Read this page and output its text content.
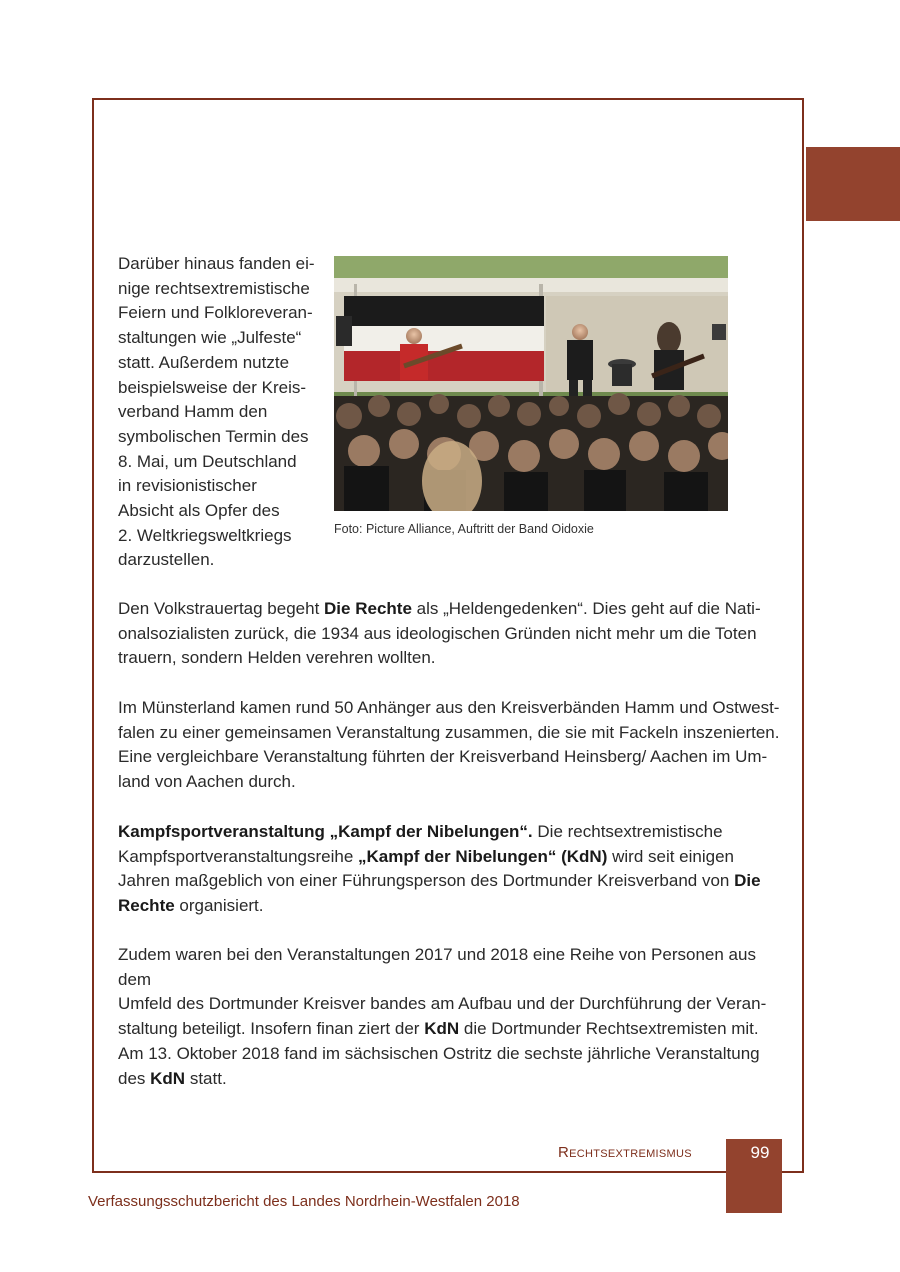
Darüber hinaus fanden ei-
nige rechtsextremistische
Feiern und Folkloreveran-
staltungen wie „Julfeste“
statt. Außerdem nutzte
beispielsweise der Kreis-
verband Hamm den
symbolischen Termin des
8. Mai, um Deutschland
in revisionistischer
Absicht als Opfer des
2. Weltkriegsweltkriegs
darzustellen.
Foto: Picture Alliance, Auftritt der Band Oidoxie

Den Volkstrauertag begeht Die Rechte als „Heldengedenken“. Dies geht auf die Nati-
onalsozialisten zurück, die 1934 aus ideologischen Gründen nicht mehr um die Toten
trauern, sondern Helden verehren wollten.

Im Münsterland kamen rund 50 Anhänger aus den Kreisverbänden Hamm und Ostwest-
falen zu einer gemeinsamen Veranstaltung zusammen, die sie mit Fackeln inszenierten.
Eine vergleichbare Veranstaltung führten der Kreisverband Heinsberg/ Aachen im Um-
land von Aachen durch.

Kampfsportveranstaltung „Kampf der Nibelungen“. Die rechtsextremistische
Kampfsportveranstaltungsreihe „Kampf der Nibelungen“ (KdN) wird seit einigen
Jahren maßgeblich von einer Führungsperson des Dortmunder Kreisverband von Die
Rechte organisiert.

Zudem waren bei den Veranstaltungen 2017 und 2018 eine Reihe von Personen aus dem
Umfeld des Dortmunder Kreisver bandes am Aufbau und der Durchführung der Veran-
staltung beteiligt. Insofern finan ziert der KdN die Dortmunder Rechtsextremisten mit.
Am 13. Oktober 2018 fand im sächsischen Ostritz die sechste jährliche Veranstaltung
des KdN statt.

Rechtsextremismus	99
Verfassungsschutzbericht des Landes Nordrhein-Westfalen 2018
